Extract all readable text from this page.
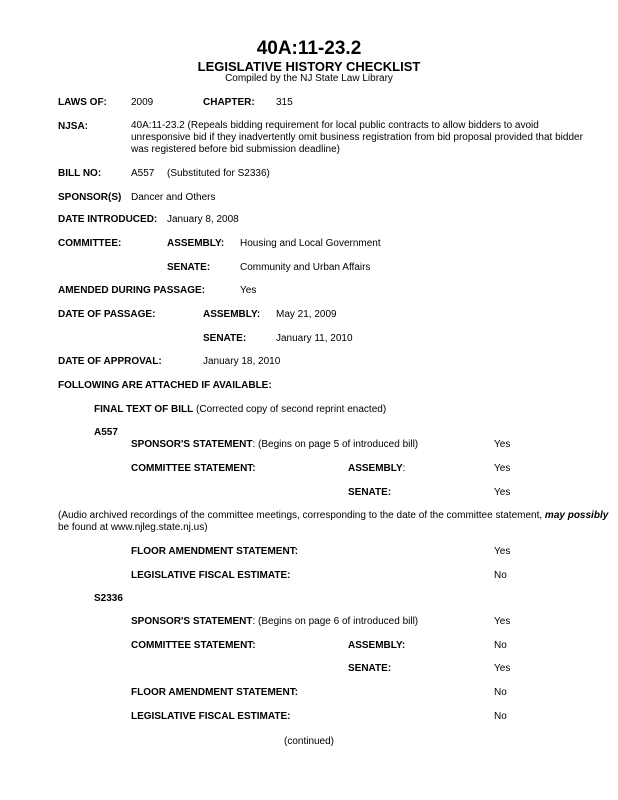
40A:11-23.2
LEGISLATIVE HISTORY CHECKLIST
Compiled by the NJ State Law Library
LAWS OF: 2009	CHAPTER: 315
NJSA:	40A:11-23.2 (Repeals bidding requirement for local public contracts to allow bidders to avoid unresponsive bid if they inadvertently omit business registration from bid proposal provided that bidder was registered before bid submission deadline)
BILL NO:	A557 (Substituted for S2336)
SPONSOR(S) Dancer and Others
DATE INTRODUCED: January 8, 2008
COMMITTEE:	ASSEMBLY: Housing and Local Government
SENATE:	Community and Urban Affairs
AMENDED DURING PASSAGE:	Yes
DATE OF PASSAGE:	ASSEMBLY: May 21, 2009
SENATE:	January 11, 2010
DATE OF APPROVAL:	January 18, 2010
FOLLOWING ARE ATTACHED IF AVAILABLE:
FINAL TEXT OF BILL (Corrected copy of second reprint enacted)
A557
SPONSOR'S STATEMENT: (Begins on page 5 of introduced bill)	Yes
COMMITTEE STATEMENT:	ASSEMBLY:	Yes
SENATE:	Yes
(Audio archived recordings of the committee meetings, corresponding to the date of the committee statement, may possibly be found at www.njleg.state.nj.us)
FLOOR AMENDMENT STATEMENT:	Yes
LEGISLATIVE FISCAL ESTIMATE:	No
S2336
SPONSOR'S STATEMENT: (Begins on page 6 of introduced bill)	Yes
COMMITTEE STATEMENT:	ASSEMBLY:	No
SENATE:	Yes
FLOOR AMENDMENT STATEMENT:	No
LEGISLATIVE FISCAL ESTIMATE:	No
(continued)
